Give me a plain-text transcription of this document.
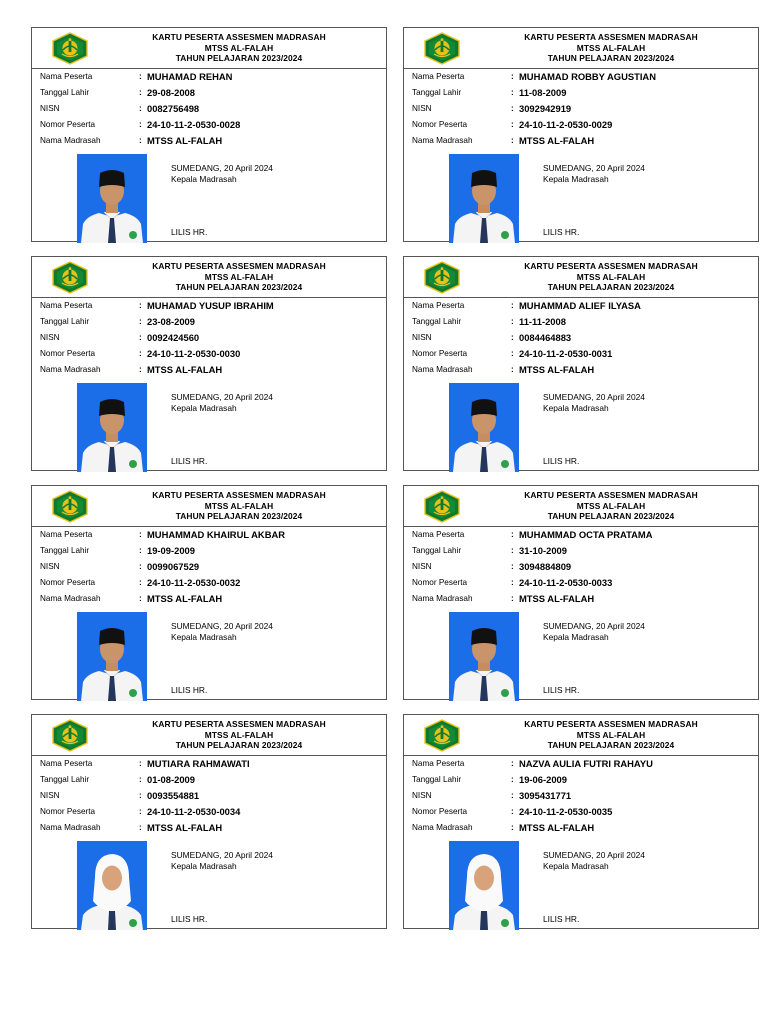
KARTU PESERTA ASSESMEN MADRASAH
MTSS AL-FALAH
TAHUN PELAJARAN 2023/2024
Nama Peserta	: MUHAMAD REHAN
Tanggal Lahir	: 29-08-2008
NISN	: 0082756498
Nomor Peserta	: 24-10-11-2-0530-0028
Nama Madrasah	: MTSS AL-FALAH
SUMEDANG, 20 April 2024
Kepala Madrasah
LILIS HR.
KARTU PESERTA ASSESMEN MADRASAH
MTSS AL-FALAH
TAHUN PELAJARAN 2023/2024
Nama Peserta	: MUHAMAD ROBBY AGUSTIAN
Tanggal Lahir	: 11-08-2009
NISN	: 3092942919
Nomor Peserta	: 24-10-11-2-0530-0029
Nama Madrasah	: MTSS AL-FALAH
SUMEDANG, 20 April 2024
Kepala Madrasah
LILIS HR.
KARTU PESERTA ASSESMEN MADRASAH
MTSS AL-FALAH
TAHUN PELAJARAN 2023/2024
Nama Peserta	: MUHAMAD YUSUP IBRAHIM
Tanggal Lahir	: 23-08-2009
NISN	: 0092424560
Nomor Peserta	: 24-10-11-2-0530-0030
Nama Madrasah	: MTSS AL-FALAH
SUMEDANG, 20 April 2024
Kepala Madrasah
LILIS HR.
KARTU PESERTA ASSESMEN MADRASAH
MTSS AL-FALAH
TAHUN PELAJARAN 2023/2024
Nama Peserta	: MUHAMMAD ALIEF ILYASA
Tanggal Lahir	: 11-11-2008
NISN	: 0084464883
Nomor Peserta	: 24-10-11-2-0530-0031
Nama Madrasah	: MTSS AL-FALAH
SUMEDANG, 20 April 2024
Kepala Madrasah
LILIS HR.
KARTU PESERTA ASSESMEN MADRASAH
MTSS AL-FALAH
TAHUN PELAJARAN 2023/2024
Nama Peserta	: MUHAMMAD KHAIRUL AKBAR
Tanggal Lahir	: 19-09-2009
NISN	: 0099067529
Nomor Peserta	: 24-10-11-2-0530-0032
Nama Madrasah	: MTSS AL-FALAH
SUMEDANG, 20 April 2024
Kepala Madrasah
LILIS HR.
KARTU PESERTA ASSESMEN MADRASAH
MTSS AL-FALAH
TAHUN PELAJARAN 2023/2024
Nama Peserta	: MUHAMMAD OCTA PRATAMA
Tanggal Lahir	: 31-10-2009
NISN	: 3094884809
Nomor Peserta	: 24-10-11-2-0530-0033
Nama Madrasah	: MTSS AL-FALAH
SUMEDANG, 20 April 2024
Kepala Madrasah
LILIS HR.
KARTU PESERTA ASSESMEN MADRASAH
MTSS AL-FALAH
TAHUN PELAJARAN 2023/2024
Nama Peserta	: MUTIARA RAHMAWATI
Tanggal Lahir	: 01-08-2009
NISN	: 0093554881
Nomor Peserta	: 24-10-11-2-0530-0034
Nama Madrasah	: MTSS AL-FALAH
SUMEDANG, 20 April 2024
Kepala Madrasah
LILIS HR.
KARTU PESERTA ASSESMEN MADRASAH
MTSS AL-FALAH
TAHUN PELAJARAN 2023/2024
Nama Peserta	: NAZVA AULIA FUTRI RAHAYU
Tanggal Lahir	: 19-06-2009
NISN	: 3095431771
Nomor Peserta	: 24-10-11-2-0530-0035
Nama Madrasah	: MTSS AL-FALAH
SUMEDANG, 20 April 2024
Kepala Madrasah
LILIS HR.
